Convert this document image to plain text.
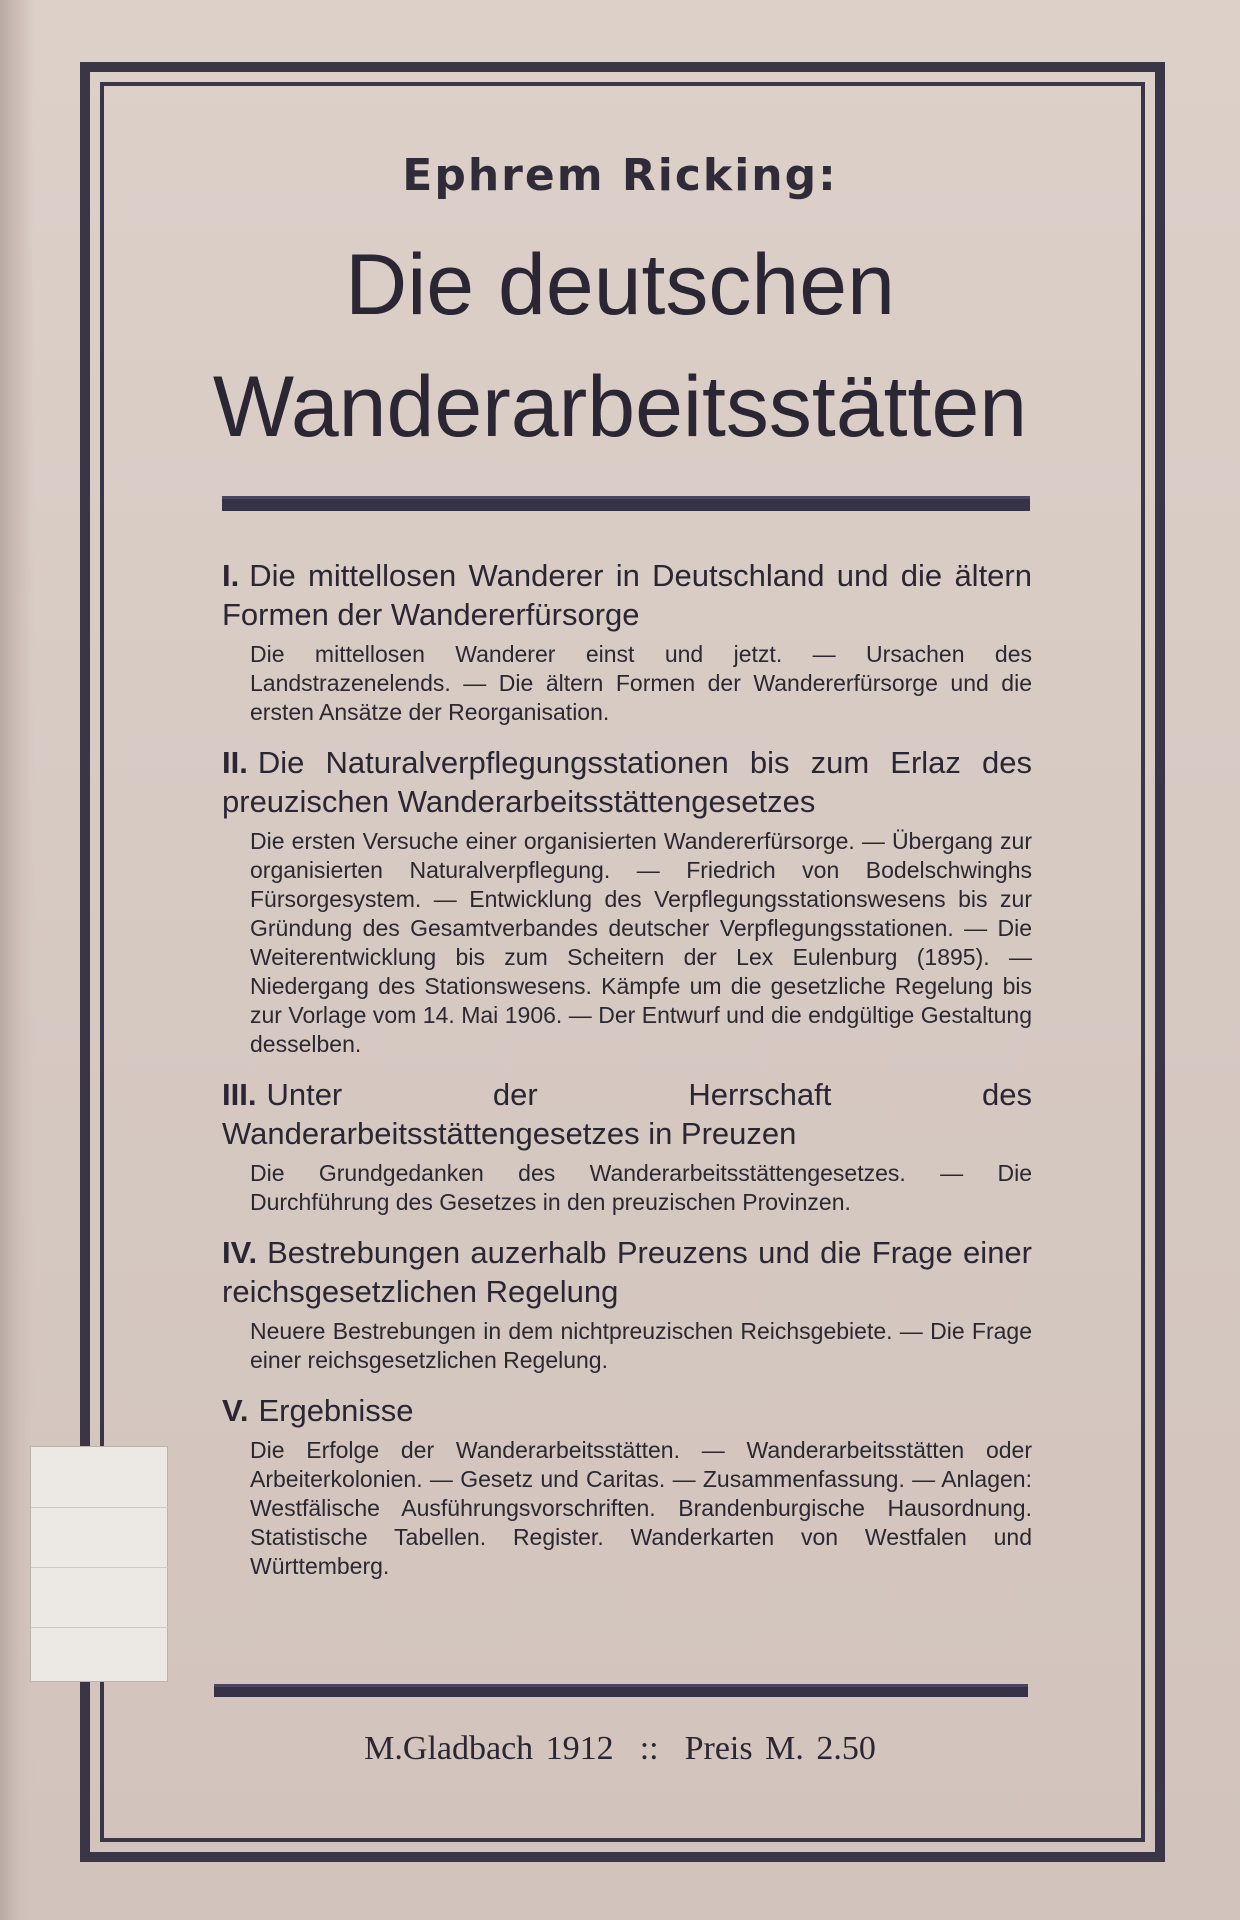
Ephrem Ricking:
Die deutschen
Wanderarbeitsstätten
I. Die mittellosen Wanderer in Deutschland und die ältern Formen der Wandererfürsorge
Die mittellosen Wanderer einst und jetzt. — Ursachen des Landstrazenelends. — Die ältern Formen der Wandererfürsorge und die ersten Ansätze der Reorganisation.
II. Die Naturalverpflegungsstationen bis zum Erlaz des preuzischen Wanderarbeitsstättengesetzes
Die ersten Versuche einer organisierten Wandererfürsorge. — Übergang zur organisierten Naturalverpflegung. — Friedrich von Bodelschwinghs Fürsorgesystem. — Entwicklung des Verpflegungsstationswesens bis zur Gründung des Gesamtverbandes deutscher Verpflegungsstationen. — Die Weiterentwicklung bis zum Scheitern der Lex Eulenburg (1895). — Niedergang des Stationswesens. Kämpfe um die gesetzliche Regelung bis zur Vorlage vom 14. Mai 1906. — Der Entwurf und die endgültige Gestaltung desselben.
III. Unter der Herrschaft des Wanderarbeitsstättengesetzes in Preuzen
Die Grundgedanken des Wanderarbeitsstättengesetzes. — Die Durchführung des Gesetzes in den preuzischen Provinzen.
IV. Bestrebungen auzerhalb Preuzens und die Frage einer reichsgesetzlichen Regelung
Neuere Bestrebungen in dem nichtpreuzischen Reichsgebiete. — Die Frage einer reichsgesetzlichen Regelung.
V. Ergebnisse
Die Erfolge der Wanderarbeitsstätten. — Wanderarbeitsstätten oder Arbeiterkolonien. — Gesetz und Caritas. — Zusammenfassung. — Anlagen: Westfälische Ausführungsvorschriften. Brandenburgische Hausordnung. Statistische Tabellen. Register. Wanderkarten von Westfalen und Württemberg.
M.Gladbach 1912 :: Preis M. 2.50
